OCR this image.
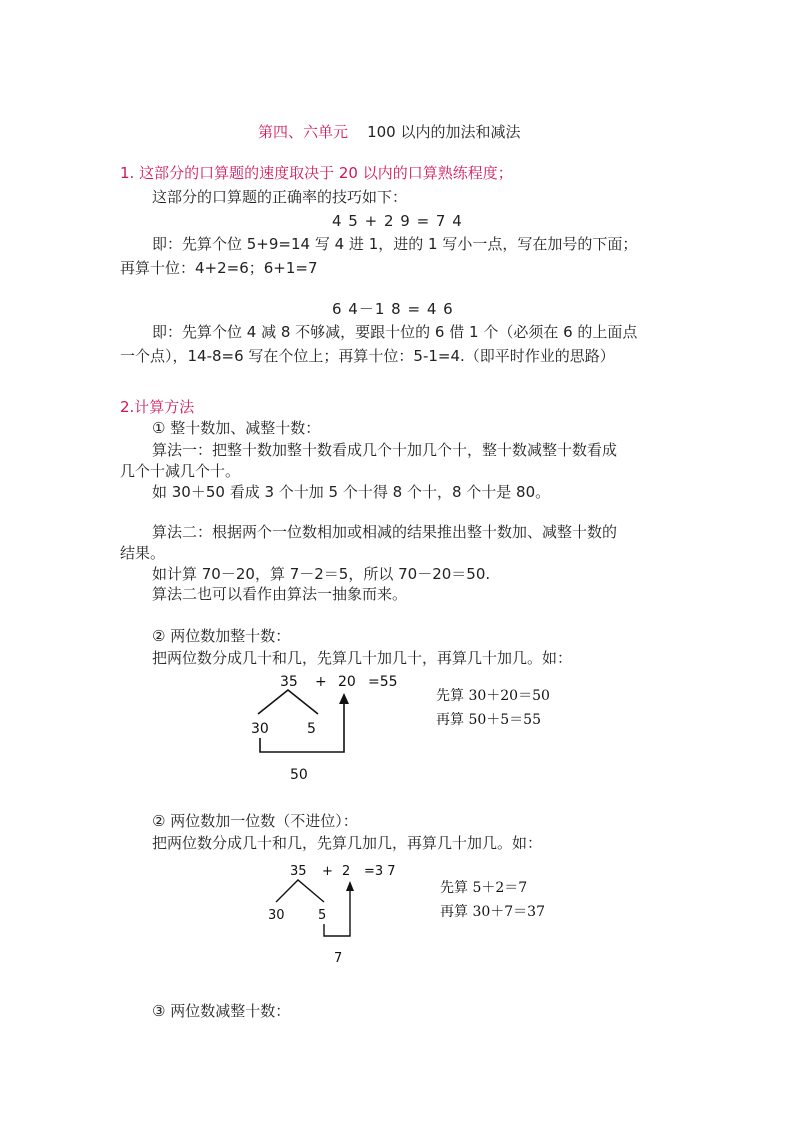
第四、六单元 100 以内的加法和减法
1. 这部分的口算题的速度取决于 20 以内的口算熟练程度；
这部分的口算题的正确率的技巧如下：
4 5 + 2 9 = 7 4
即：先算个位 5+9=14 写 4 进 1，进的 1 写小一点，写在加号的下面；
再算十位：4+2=6；6+1=7
6 4－1 8 = 4 6
即：先算个位 4 减 8 不够减，要跟十位的 6 借 1 个（必须在 6 的上面点
一个点），14-8=6 写在个位上；再算十位：5-1=4.（即平时作业的思路）
2.计算方法
① 整十数加、减整十数：
算法一：把整十数加整十数看成几个十加几个十，整十数减整十数看成
几个十减几个十。
如 30＋50 看成 3 个十加 5 个十得 8 个十，8 个十是 80。
算法二：根据两个一位数相加或相减的结果推出整十数加、减整十数的
结果。
如计算 70－20，算 7－2＝5，所以 70－20＝50.
算法二也可以看作由算法一抽象而来。
② 两位数加整十数：
把两位数分成几十和几，先算几十加几十，再算几十加几。如：
35 + 20 =55
30	5
50
先算 30＋20＝50
再算 50＋5＝55
② 两位数加一位数（不进位）：
把两位数分成几十和几，先算几加几，再算几十加几。如：
35 + 2 =3 7
30	5
7
先算 5＋2＝7
再算 30＋7＝37
③ 两位数减整十数：
